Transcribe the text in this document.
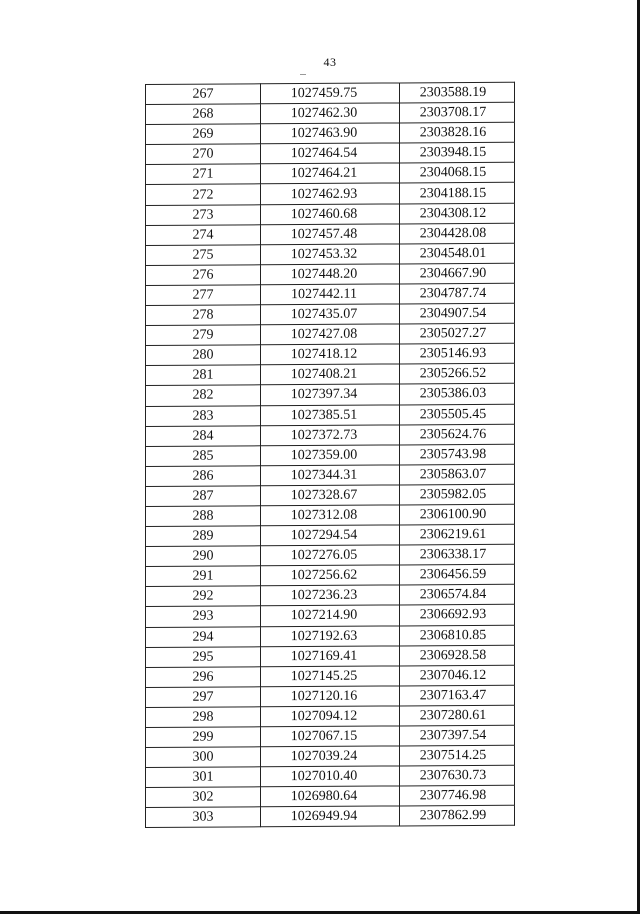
43
267	1027459.75	2303588.19
268	1027462.30	2303708.17
269	1027463.90	2303828.16
270	1027464.54	2303948.15
271	1027464.21	2304068.15
272	1027462.93	2304188.15
273	1027460.68	2304308.12
274	1027457.48	2304428.08
275	1027453.32	2304548.01
276	1027448.20	2304667.90
277	1027442.11	2304787.74
278	1027435.07	2304907.54
279	1027427.08	2305027.27
280	1027418.12	2305146.93
281	1027408.21	2305266.52
282	1027397.34	2305386.03
283	1027385.51	2305505.45
284	1027372.73	2305624.76
285	1027359.00	2305743.98
286	1027344.31	2305863.07
287	1027328.67	2305982.05
288	1027312.08	2306100.90
289	1027294.54	2306219.61
290	1027276.05	2306338.17
291	1027256.62	2306456.59
292	1027236.23	2306574.84
293	1027214.90	2306692.93
294	1027192.63	2306810.85
295	1027169.41	2306928.58
296	1027145.25	2307046.12
297	1027120.16	2307163.47
298	1027094.12	2307280.61
299	1027067.15	2307397.54
300	1027039.24	2307514.25
301	1027010.40	2307630.73
302	1026980.64	2307746.98
303	1026949.94	2307862.99
